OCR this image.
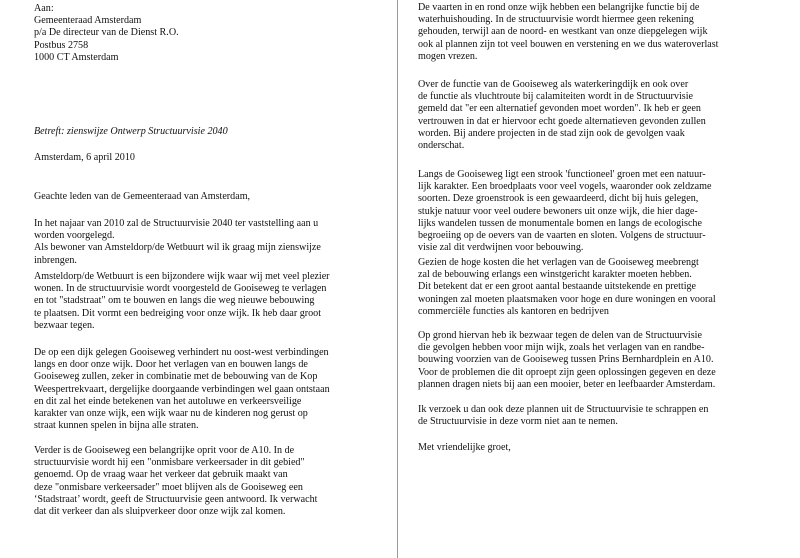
Aan:
Gemeenteraad Amsterdam
p/a De directeur van de Dienst R.O.
Postbus 2758
1000 CT Amsterdam
Betreft: zienswijze Ontwerp Structuurvisie 2040
Amsterdam, 6 april 2010
Geachte leden van de Gemeenteraad van Amsterdam,
In het najaar van 2010 zal de Structuurvisie 2040 ter vaststelling aan u
worden voorgelegd.
Als bewoner van Amsteldorp/de Wetbuurt wil ik graag mijn zienswijze
inbrengen.
Amsteldorp/de Wetbuurt is een bijzondere wijk waar wij met veel plezier
wonen. In de structuurvisie wordt voorgesteld de Gooiseweg te verlagen
en tot "stadstraat" om te bouwen en langs die weg nieuwe bebouwing
te plaatsen. Dit vormt een bedreiging voor onze wijk. Ik heb daar groot
bezwaar tegen.
De op een dijk gelegen Gooiseweg verhindert nu oost-west verbindingen
langs en door onze wijk. Door het verlagen van en bouwen langs de
Gooiseweg zullen, zeker in combinatie met de bebouwing van de Kop
Weespertrekvaart, dergelijke doorgaande verbindingen wel gaan ontstaan
en dit zal het einde betekenen van het autoluwe en verkeersveilige
karakter van onze wijk, een wijk waar nu de kinderen nog gerust op
straat kunnen spelen in bijna alle straten.
Verder is de Gooiseweg een belangrijke oprit voor de A10. In de
structuurvisie wordt hij een "onmisbare verkeersader in dit gebied"
genoemd. Op de vraag waar het verkeer dat gebruik maakt van
deze "onmisbare verkeersader" moet blijven als de Gooiseweg een
‘Stadstraat’ wordt, geeft de Structuurvisie geen antwoord. Ik verwacht
dat dit verkeer dan als sluipverkeer door onze wijk zal komen.
De vaarten in en rond onze wijk hebben een belangrijke functie bij de
waterhuishouding. In de structuurvisie wordt hiermee geen rekening
gehouden, terwijl aan de noord- en westkant van onze diepgelegen wijk
ook al plannen zijn tot veel bouwen en verstening en we dus wateroverlast
mogen vrezen.
Over de functie van de Gooiseweg als waterkeringdijk en ook over
de functie als vluchtroute bij calamiteiten wordt in de Structuurvisie
gemeld dat "er een alternatief gevonden moet worden". Ik heb er geen
vertrouwen in dat er hiervoor echt goede alternatieven gevonden zullen
worden. Bij andere projecten in de stad zijn ook de gevolgen vaak
onderschat.
Langs de Gooiseweg ligt een strook 'functioneel' groen met een natuur-
lijk karakter. Een broedplaats voor veel vogels, waaronder ook zeldzame
soorten. Deze groenstrook is een gewaardeerd, dicht bij huis gelegen,
stukje natuur voor veel oudere bewoners uit onze wijk, die hier dage-
lijks wandelen tussen de monumentale bomen en langs de ecologische
begroeiing op de oevers van de vaarten en sloten. Volgens de structuur-
visie zal dit verdwijnen voor bebouwing.
Gezien de hoge kosten die het verlagen van de Gooiseweg meebrengt
zal de bebouwing erlangs een winstgericht karakter moeten hebben.
Dit betekent dat er een groot aantal bestaande uitstekende en prettige
woningen zal moeten plaatsmaken voor hoge en dure woningen en vooral
commerciële functies als kantoren en bedrijven
Op grond hiervan heb ik bezwaar tegen de delen van de Structuurvisie
die gevolgen hebben voor mijn wijk, zoals het verlagen van en randbe-
bouwing voorzien van de Gooiseweg tussen Prins Bernhardplein en A10.
Voor de problemen die dit oproept zijn geen oplossingen gegeven en deze
plannen dragen niets bij aan een mooier, beter en leefbaarder Amsterdam.
Ik verzoek u dan ook deze plannen uit de Structuurvisie te schrappen en
de Structuurvisie in deze vorm niet aan te nemen.
Met vriendelijke groet,
